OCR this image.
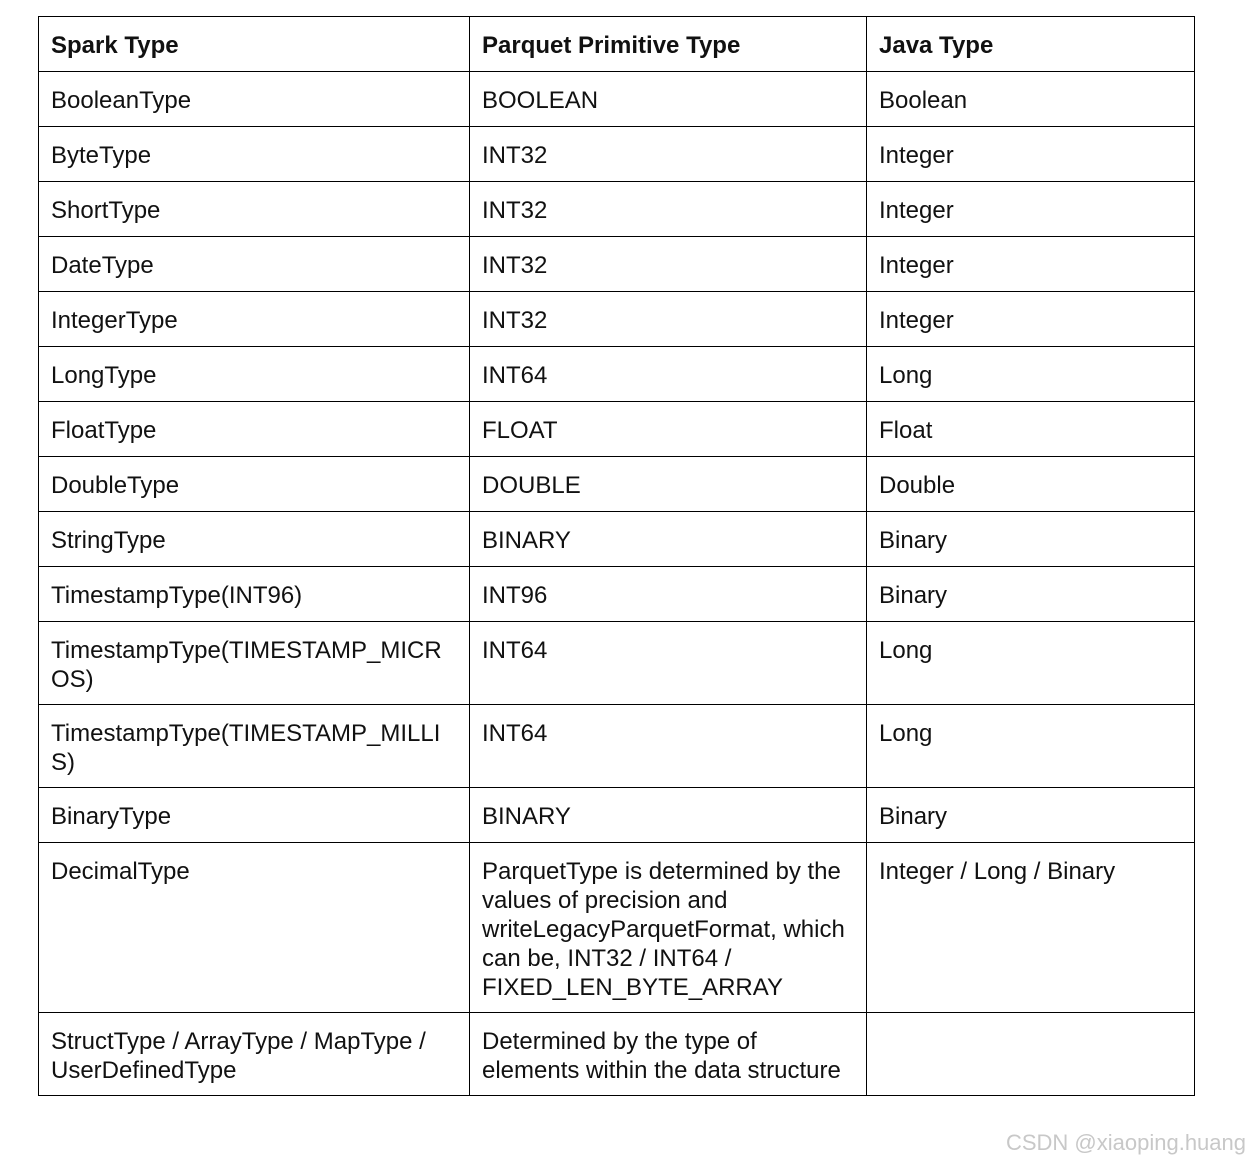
Spark Type	Parquet Primitive Type	Java Type
BooleanType	BOOLEAN	Boolean
ByteType	INT32	Integer
ShortType	INT32	Integer
DateType	INT32	Integer
IntegerType	INT32	Integer
LongType	INT64	Long
FloatType	FLOAT	Float
DoubleType	DOUBLE	Double
StringType	BINARY	Binary
TimestampType(INT96)	INT96	Binary
TimestampType(TIMESTAMP_MICROS)	INT64	Long
TimestampType(TIMESTAMP_MILLIS)	INT64	Long
BinaryType	BINARY	Binary
DecimalType	ParquetType is determined by the values of precision and writeLegacyParquetFormat, which can be, INT32 / INT64 / FIXED_LEN_BYTE_ARRAY	Integer / Long / Binary
StructType / ArrayType / MapType / UserDefinedType	Determined by the type of elements within the data structure	
CSDN @xiaoping.huang
